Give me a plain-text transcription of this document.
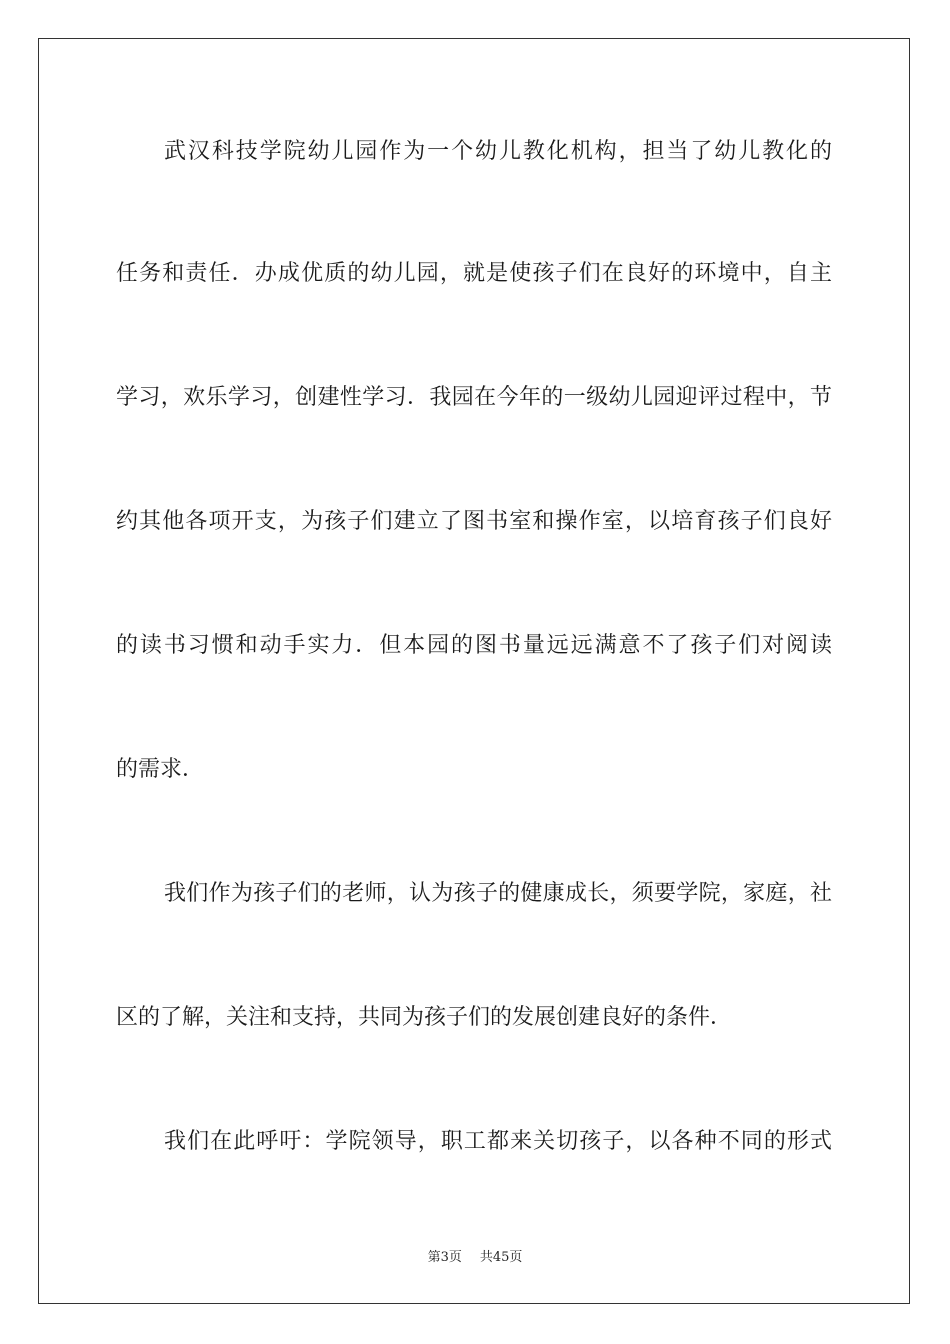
武汉科技学院幼儿园作为一个幼儿教化机构，担当了幼儿教化的
任务和责任．办成优质的幼儿园，就是使孩子们在良好的环境中，自主
学习，欢乐学习，创建性学习．我园在今年的一级幼儿园迎评过程中，节
约其他各项开支，为孩子们建立了图书室和操作室，以培育孩子们良好
的读书习惯和动手实力．但本园的图书量远远满意不了孩子们对阅读
的需求．
我们作为孩子们的老师，认为孩子的健康成长，须要学院，家庭，社
区的了解，关注和支持，共同为孩子们的发展创建良好的条件．
我们在此呼吁：学院领导，职工都来关切孩子，以各种不同的形式
第3页 共45页
